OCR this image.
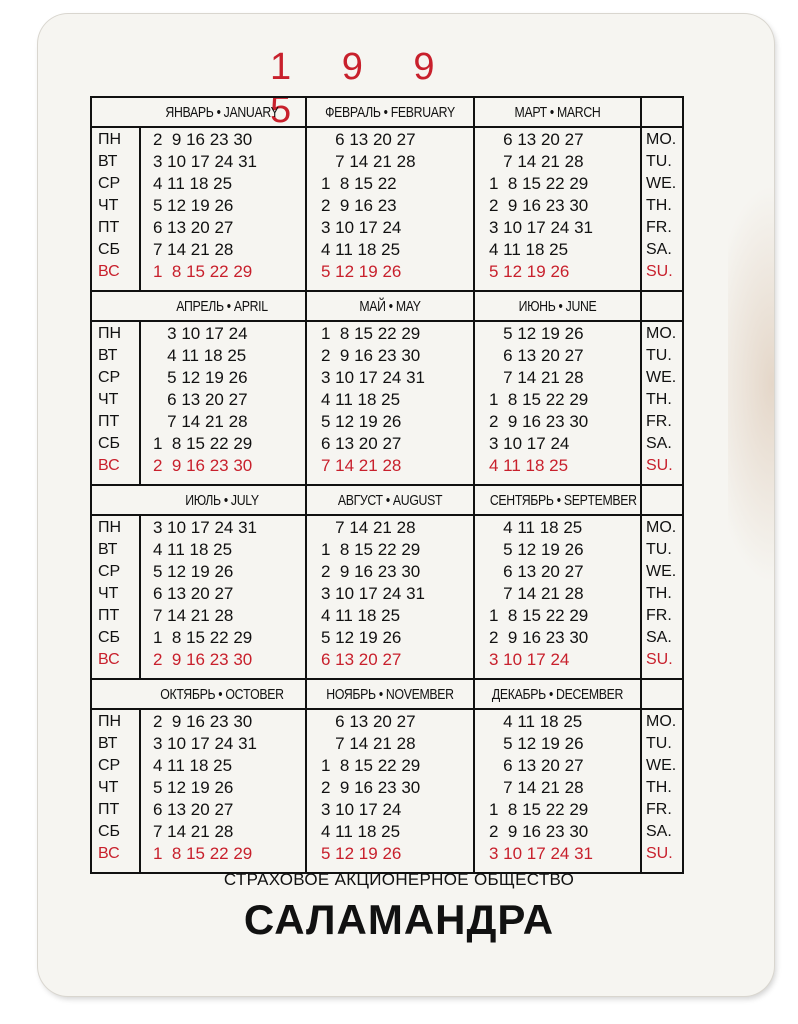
1 9 9 5
ПН
ВТ
СР
ЧТ
ПТ
СБ
ВС
ЯНВАРЬ • JANUARY
2  9 16 23 30
3 10 17 24 31
4 11 18 25
5 12 19 26
6 13 20 27
7 14 21 28
1  8 15 22 29
ФЕВРАЛЬ • FEBRUARY
6 13 20 27
7 14 21 28
1  8 15 22
2  9 16 23
3 10 17 24
4 11 18 25
5 12 19 26
МАРТ • MARCH
6 13 20 27
7 14 21 28
1  8 15 22 29
2  9 16 23 30
3 10 17 24 31
4 11 18 25
5 12 19 26
MO.
TU.
WE.
TH.
FR.
SA.
SU.
ПН
ВТ
СР
ЧТ
ПТ
СБ
ВС
АПРЕЛЬ • APRIL
3 10 17 24
4 11 18 25
5 12 19 26
6 13 20 27
7 14 21 28
1  8 15 22 29
2  9 16 23 30
МАЙ • MAY
1  8 15 22 29
2  9 16 23 30
3 10 17 24 31
4 11 18 25
5 12 19 26
6 13 20 27
7 14 21 28
ИЮНЬ • JUNE
5 12 19 26
6 13 20 27
7 14 21 28
1  8 15 22 29
2  9 16 23 30
3 10 17 24
4 11 18 25
MO.
TU.
WE.
TH.
FR.
SA.
SU.
ПН
ВТ
СР
ЧТ
ПТ
СБ
ВС
ИЮЛЬ • JULY
3 10 17 24 31
4 11 18 25
5 12 19 26
6 13 20 27
7 14 21 28
1  8 15 22 29
2  9 16 23 30
АВГУСТ • AUGUST
7 14 21 28
1  8 15 22 29
2  9 16 23 30
3 10 17 24 31
4 11 18 25
5 12 19 26
6 13 20 27
СЕНТЯБРЬ • SEPTEMBER
4 11 18 25
5 12 19 26
6 13 20 27
7 14 21 28
1  8 15 22 29
2  9 16 23 30
3 10 17 24
MO.
TU.
WE.
TH.
FR.
SA.
SU.
ПН
ВТ
СР
ЧТ
ПТ
СБ
ВС
ОКТЯБРЬ • OCTOBER
2  9 16 23 30
3 10 17 24 31
4 11 18 25
5 12 19 26
6 13 20 27
7 14 21 28
1  8 15 22 29
НОЯБРЬ • NOVEMBER
6 13 20 27
7 14 21 28
1  8 15 22 29
2  9 16 23 30
3 10 17 24
4 11 18 25
5 12 19 26
ДЕКАБРЬ • DECEMBER
4 11 18 25
5 12 19 26
6 13 20 27
7 14 21 28
1  8 15 22 29
2  9 16 23 30
3 10 17 24 31
MO.
TU.
WE.
TH.
FR.
SA.
SU.
СТРАХОВОЕ АКЦИОНЕРНОЕ ОБЩЕСТВО
САЛАМАНДРА
